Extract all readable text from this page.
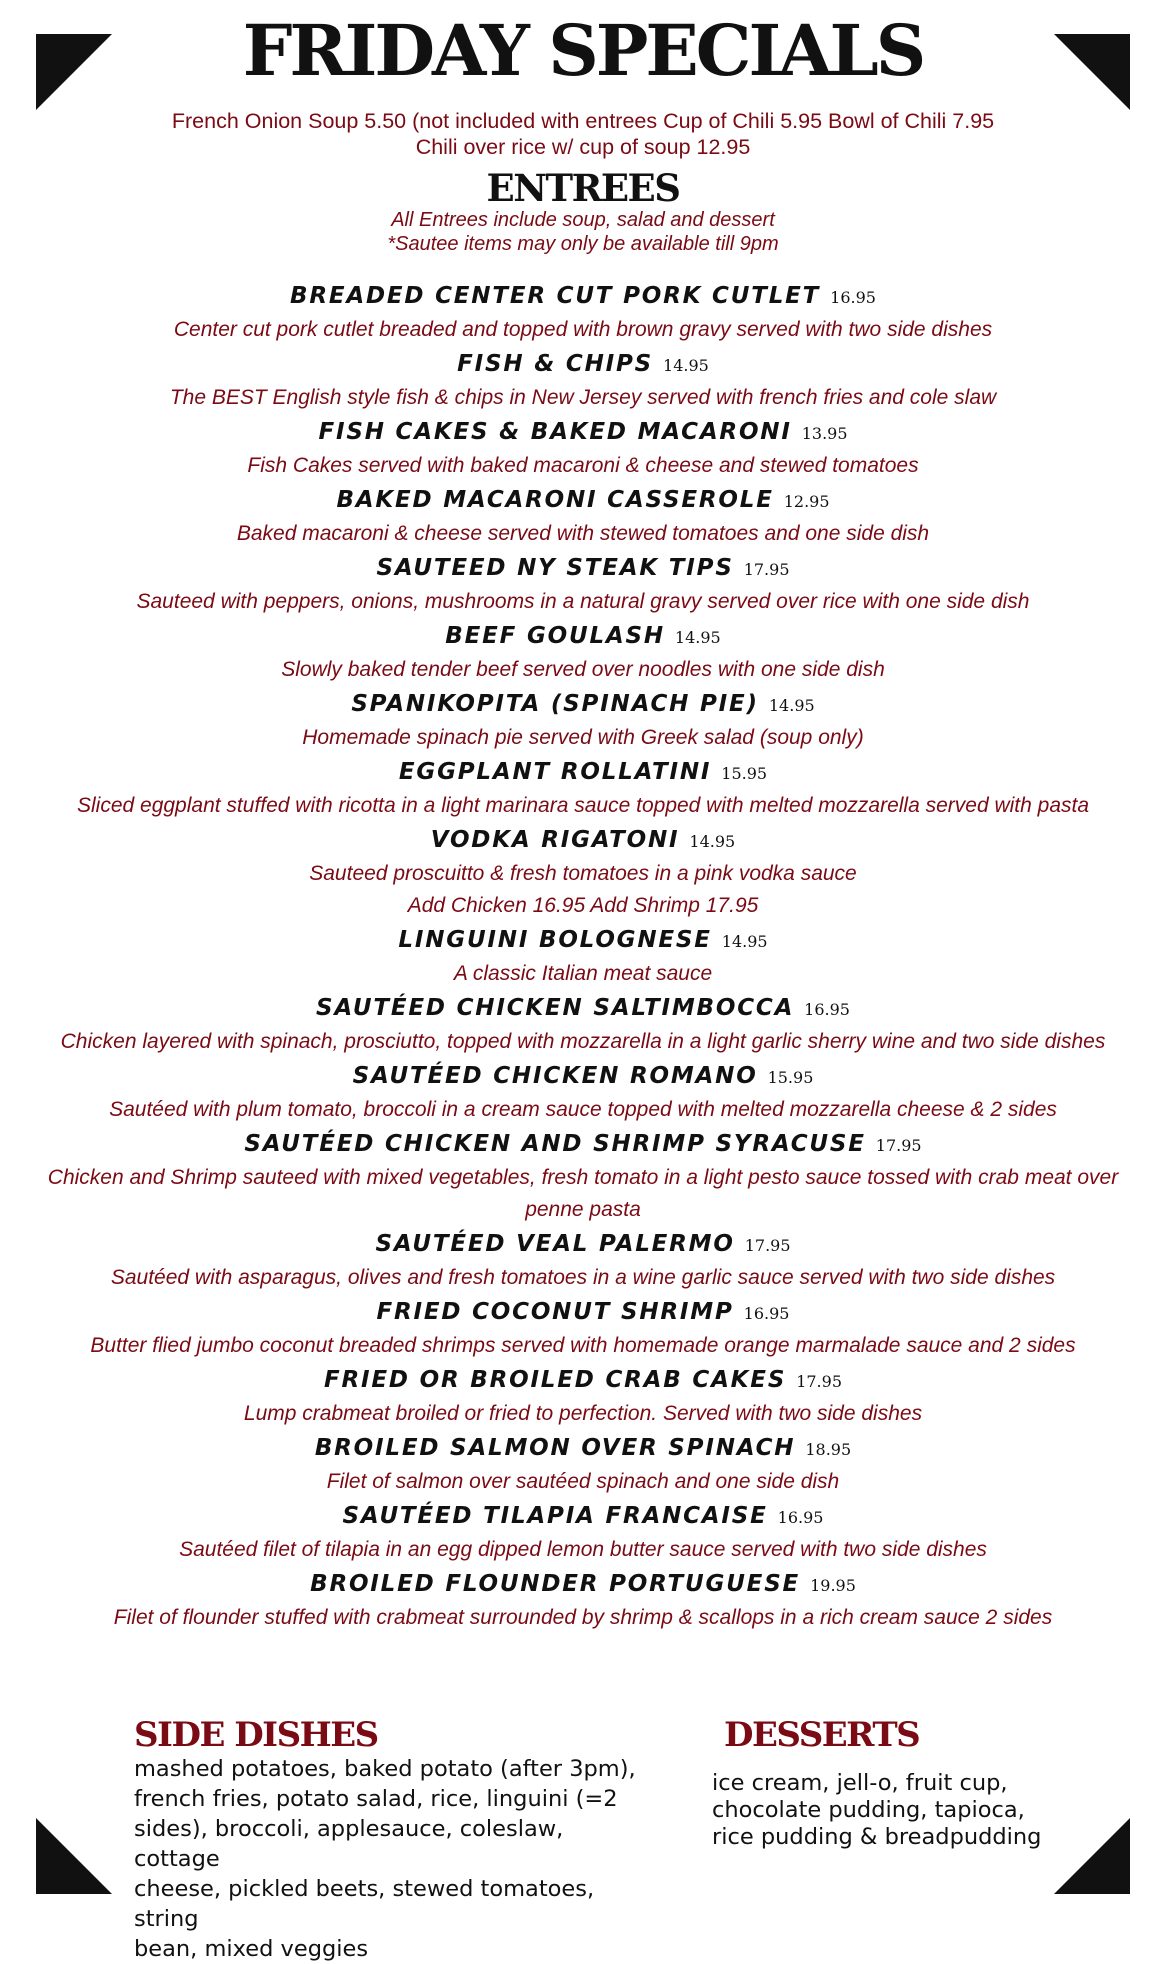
FRIDAY SPECIALS
French Onion Soup 5.50 (not included with entrees Cup of Chili 5.95 Bowl of Chili 7.95
Chili over rice w/ cup of soup 12.95
ENTREES
All Entrees include soup, salad and dessert
*Sautee items may only be available till 9pm
BREADED CENTER CUT PORK CUTLET 16.95
Center cut pork cutlet breaded and topped with brown gravy served with two side dishes
FISH & CHIPS 14.95
The BEST English style fish & chips in New Jersey served with french fries and cole slaw
FISH CAKES & BAKED MACARONI 13.95
Fish Cakes served with baked macaroni & cheese and stewed tomatoes
BAKED MACARONI CASSEROLE 12.95
Baked macaroni & cheese served with stewed tomatoes and one side dish
SAUTEED NY STEAK TIPS 17.95
Sauteed with peppers, onions, mushrooms in a natural gravy served over rice with one side dish
BEEF GOULASH 14.95
Slowly baked tender beef served over noodles with one side dish
SPANIKOPITA (SPINACH PIE) 14.95
Homemade spinach pie served with Greek salad (soup only)
EGGPLANT ROLLATINI 15.95
Sliced eggplant stuffed with ricotta in a light marinara sauce topped with melted mozzarella served with pasta
VODKA RIGATONI 14.95
Sauteed proscuitto & fresh tomatoes in a pink vodka sauce
Add Chicken 16.95 Add Shrimp 17.95
LINGUINI BOLOGNESE 14.95
A classic Italian meat sauce
SAUTÉED CHICKEN SALTIMBOCCA 16.95
Chicken layered with spinach, prosciutto, topped with mozzarella in a light garlic sherry wine and two side dishes
SAUTÉED CHICKEN ROMANO 15.95
Sautéed with plum tomato, broccoli in a cream sauce topped with melted mozzarella cheese & 2 sides
SAUTÉED CHICKEN AND SHRIMP SYRACUSE 17.95
Chicken and Shrimp sauteed with mixed vegetables, fresh tomato in a light pesto sauce tossed with crab meat over
penne pasta
SAUTÉED VEAL PALERMO 17.95
Sautéed with asparagus, olives and fresh tomatoes in a wine garlic sauce served with two side dishes
FRIED COCONUT SHRIMP 16.95
Butter flied jumbo coconut breaded shrimps served with homemade orange marmalade sauce and 2 sides
FRIED OR BROILED CRAB CAKES 17.95
Lump crabmeat broiled or fried to perfection. Served with two side dishes
BROILED SALMON OVER SPINACH 18.95
Filet of salmon over sautéed spinach and one side dish
SAUTÉED TILAPIA FRANCAISE 16.95
Sautéed filet of tilapia in an egg dipped lemon butter sauce served with two side dishes
BROILED FLOUNDER PORTUGUESE 19.95
Filet of flounder stuffed with crabmeat surrounded by shrimp & scallops in a rich cream sauce 2 sides
SIDE DISHES
mashed potatoes, baked potato (after 3pm),
french fries, potato salad, rice, linguini (=2
sides), broccoli, applesauce, coleslaw, cottage
cheese, pickled beets, stewed tomatoes, string
bean, mixed veggies
DESSERTS
ice cream, jell-o, fruit cup,
chocolate pudding, tapioca,
rice pudding & breadpudding
